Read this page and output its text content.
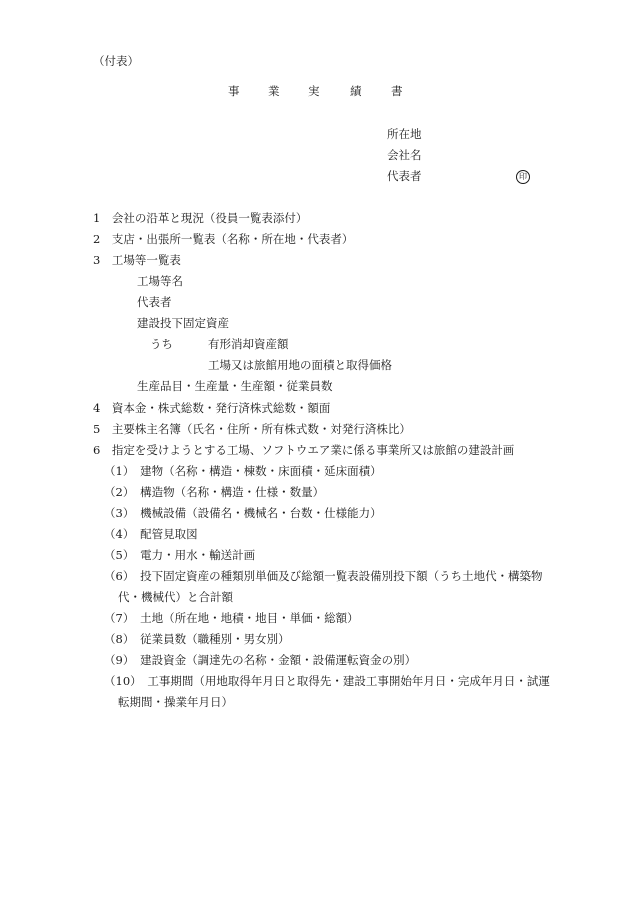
（付表）
事 業 実	績	書
所在地
会社名
代表者	印
1　会社の沿革と現況（役員一覧表添付）
2　支店・出張所一覧表（名称・所在地・代表者）
3　工場等一覧表
工場等名
代表者
建設投下固定資産
うち	有形消却資産額
工場又は旅館用地の面積と取得価格
生産品目・生産量・生産額・従業員数
4　資本金・株式総数・発行済株式総数・額面
5　主要株主名簿（氏名・住所・所有株式数・対発行済株比）
6　指定を受けようとする工場、ソフトウエア業に係る事業所又は旅館の建設計画
（1）　建物（名称・構造・棟数・床面積・延床面積）
（2）　構造物（名称・構造・仕様・数量）
（3）　機械設備（設備名・機械名・台数・仕様能力）
（4）　配管見取図
（5）　電力・用水・輸送計画
（6）　投下固定資産の種類別単価及び総額一覧表設備別投下額（うち土地代・構築物
代・機械代）と合計額
（7）　土地（所在地・地積・地目・単価・総額）
（8）　従業員数（職種別・男女別）
（9）　建設資金（調達先の名称・金額・設備運転資金の別）
（10）　工事期間（用地取得年月日と取得先・建設工事開始年月日・完成年月日・試運
転期間・操業年月日）
